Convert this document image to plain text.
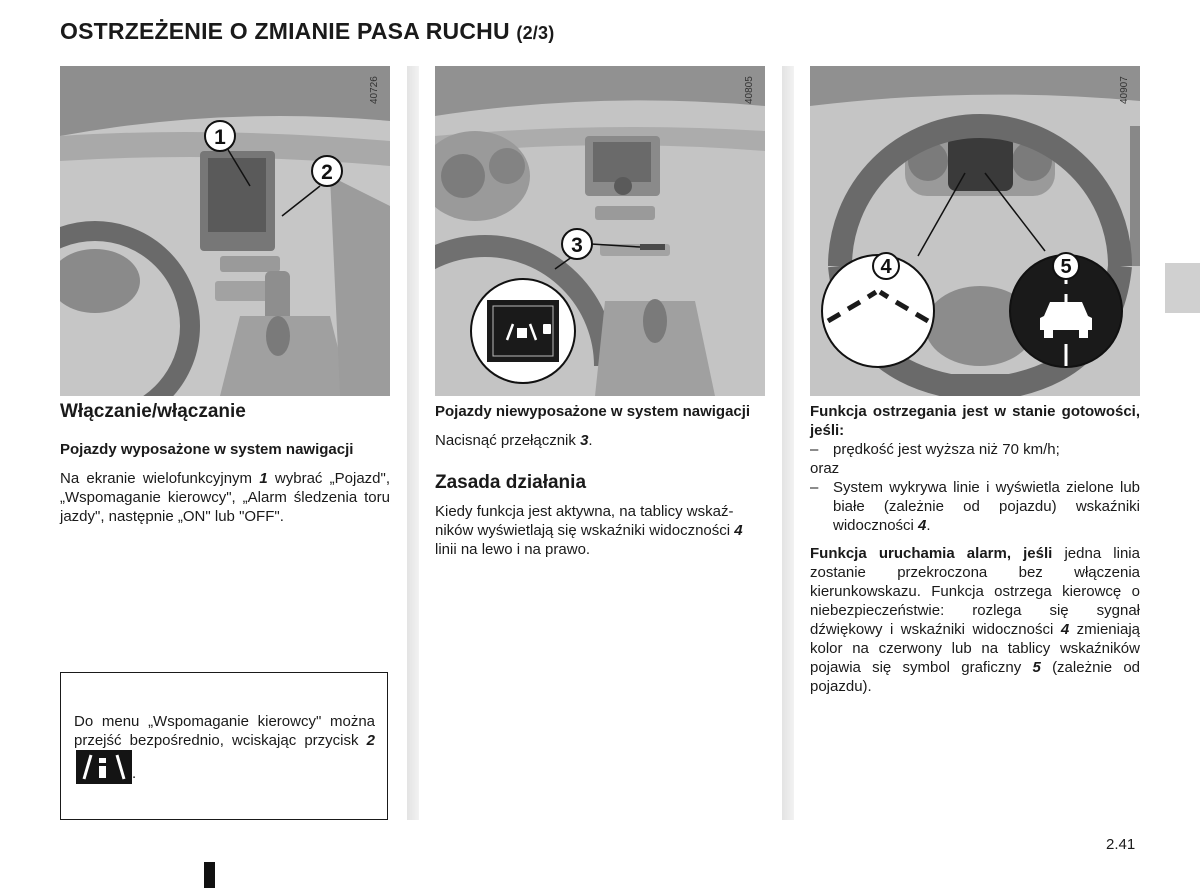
OSTRZEŻENIE O ZMIANIE PASA RUCHU (2/3)
1
2
40726
3
40805
4	5
40907
Włączanie/włączanie

Pojazdy wyposażone w system nawigacji

Na ekranie wielofunkcyjnym 1 wybrać „Pojazd", „Wspomaganie kierowcy", „Alarm śledzenia toru jazdy", następnie „ON" lub "OFF".

Do menu „Wspomaganie kierowcy" można przejść bezpośrednio, wciskając przycisk 2 .

Pojazdy niewyposażone w system nawigacji

Nacisnąć przełącznik 3.

Zasada działania

Kiedy funkcja jest aktywna, na tablicy wskaźników wyświetlają się wskaźniki widoczności 4 linii na lewo i na prawo.

Funkcja ostrzegania jest w stanie gotowości, jeśli:

– prędkość jest wyższa niż 70 km/h;

oraz

– System wykrywa linie i wyświetla zielone lub białe (zależnie od pojazdu) wskaźniki widoczności 4.

Funkcja uruchamia alarm, jeśli jedna linia zostanie przekroczona bez włączenia kierunkowskazu. Funkcja ostrzega kierowcę o niebezpieczeństwie: rozlega się sygnał dźwiękowy i wskaźniki widoczności 4 zmieniają kolor na czerwony lub na tablicy wskaźników pojawia się symbol graficzny 5 (zależnie od pojazdu).

2.41
